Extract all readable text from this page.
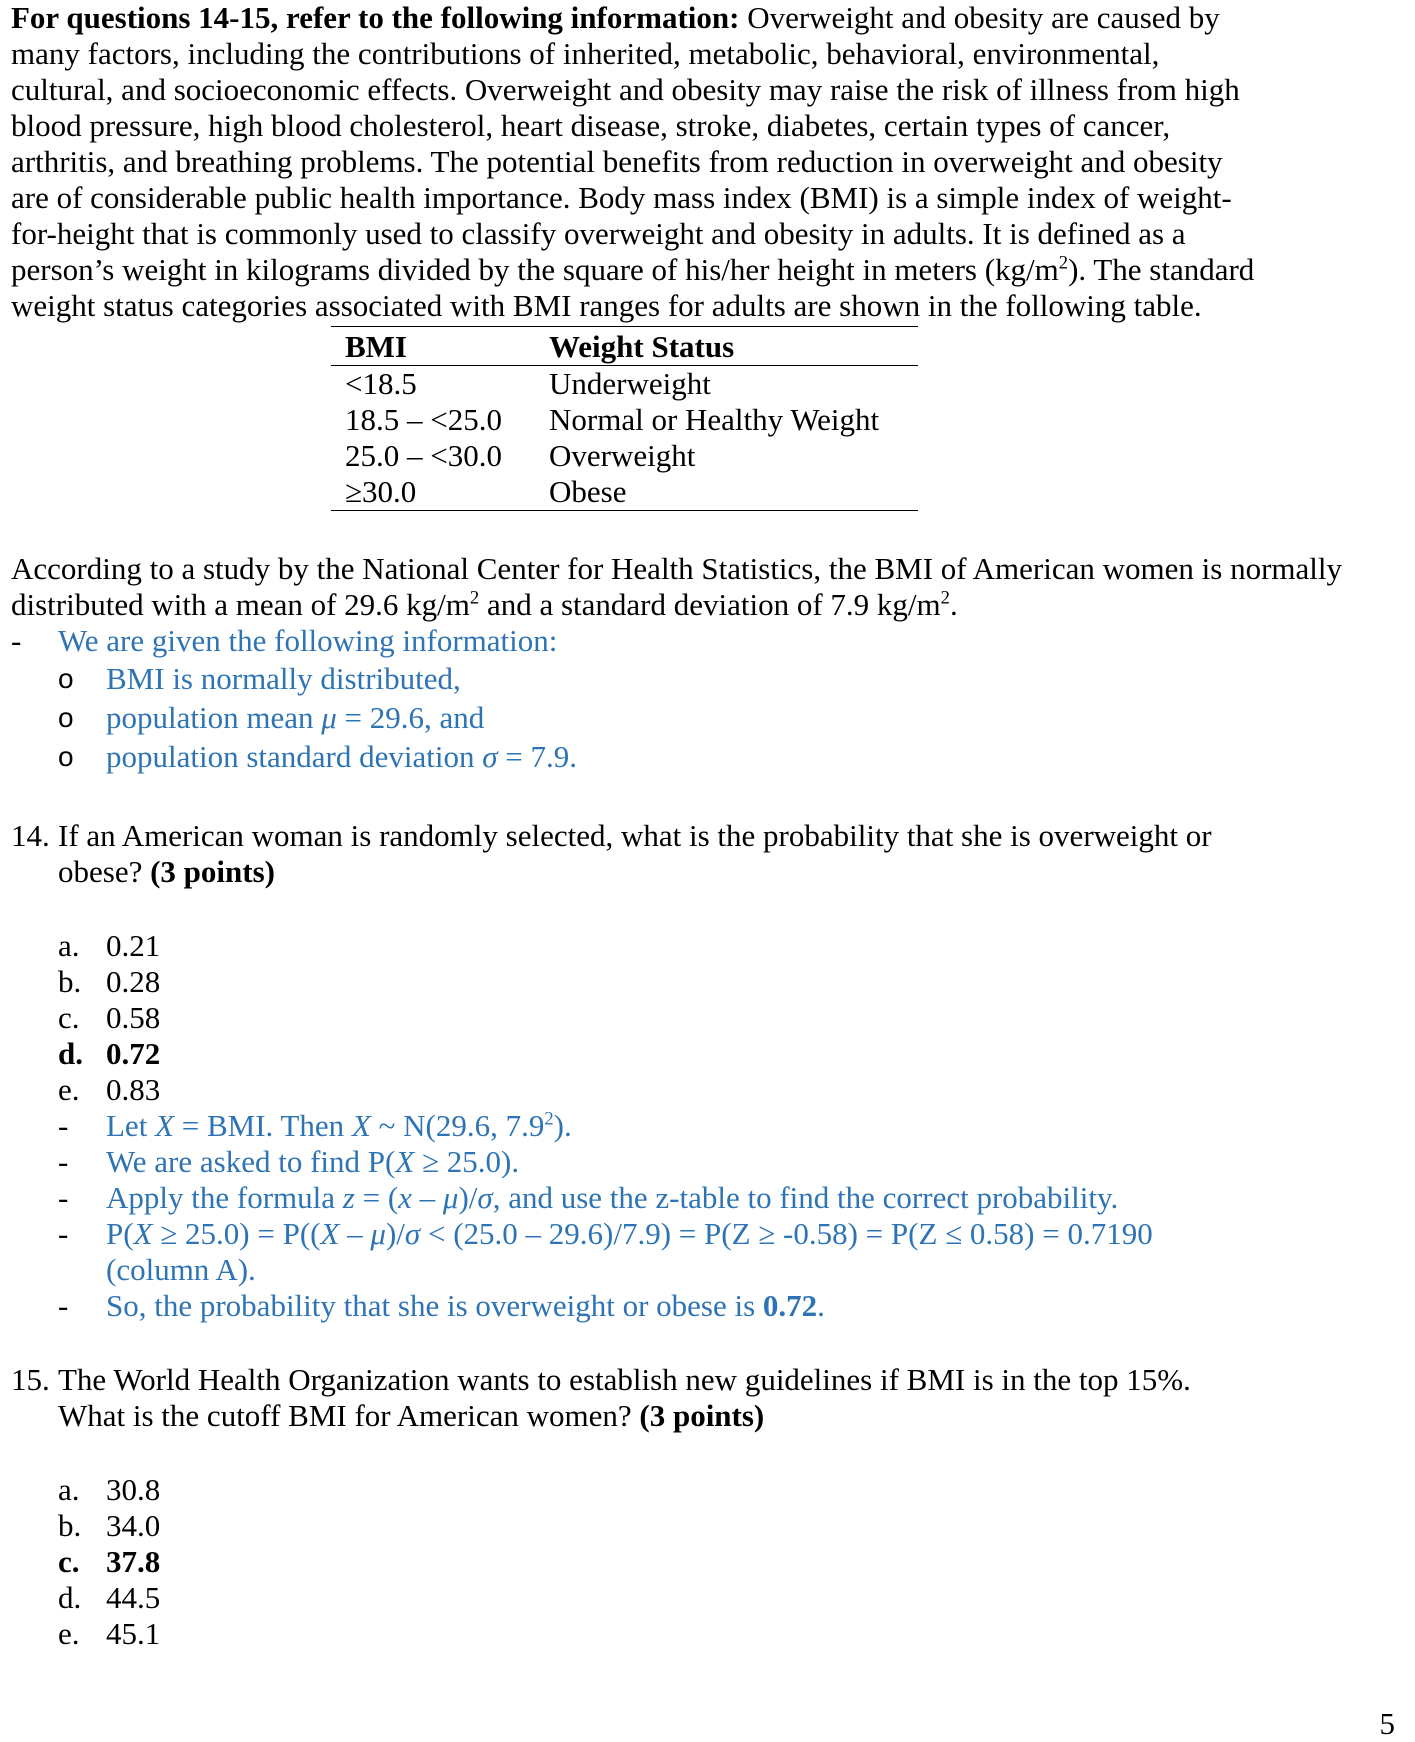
For questions 14-15, refer to the following information: Overweight and obesity are caused by many factors, including the contributions of inherited, metabolic, behavioral, environmental, cultural, and socioeconomic effects. Overweight and obesity may raise the risk of illness from high blood pressure, high blood cholesterol, heart disease, stroke, diabetes, certain types of cancer, arthritis, and breathing problems. The potential benefits from reduction in overweight and obesity are of considerable public health importance. Body mass index (BMI) is a simple index of weight-for-height that is commonly used to classify overweight and obesity in adults. It is defined as a person’s weight in kilograms divided by the square of his/her height in meters $(kg/m^2)$. The standard weight status categories associated with BMI ranges for adults are shown in the following table.

BMI	Weight Status
<18.5	Underweight
18.5 – <25.0	Normal or Healthy Weight
25.0 – <30.0	Overweight
≥30.0	Obese
According to a study by the National Center for Health Statistics, the BMI of American women is normally distributed with a mean of 29.6 $kg/m^2$ and a standard deviation of 7.9 $kg/m^2$.
- We are given the following information:
o BMI is normally distributed,
o population mean μ = 29.6, and
o population standard deviation σ = 7.9.
14. If an American woman is randomly selected, what is the probability that she is overweight or obese? (3 points)
a. 0.21
b. 0.28
c. 0.58
d. 0.72
e. 0.83
- Let X = BMI. Then X ~ N(29.6, $7.9^2$).
- We are asked to find P(X ≥ 25.0).
- Apply the formula z = (x – μ)/σ, and use the z-table to find the correct probability.
- P(X ≥ 25.0) = P((X – μ)/σ < (25.0 – 29.6)/7.9) = P(Z ≥ -0.58) = P(Z ≤ 0.58) = 0.7190 (column A).
- So, the probability that she is overweight or obese is 0.72.
15. The World Health Organization wants to establish new guidelines if BMI is in the top 15%. What is the cutoff BMI for American women? (3 points)
a. 30.8
b. 34.0
c. 37.8
d. 44.5
e. 45.1
5
